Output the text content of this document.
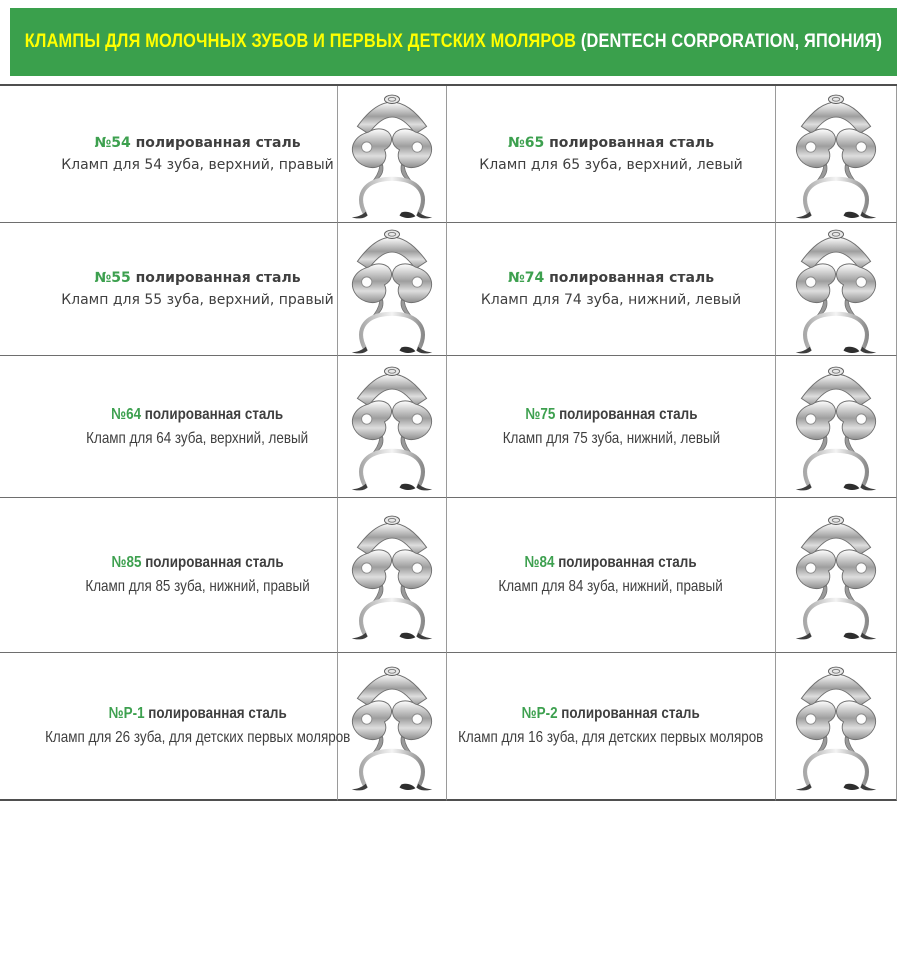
КЛАМПЫ ДЛЯ МОЛОЧНЫХ ЗУБОВ И ПЕРВЫХ ДЕТСКИХ МОЛЯРОВ (DENTECH CORPORATION, ЯПОНИЯ)
№54 полированная сталь
Кламп для 54 зуба, верхний, правый
№65 полированная сталь
Кламп для 65 зуба, верхний, левый
№55 полированная сталь
Кламп для 55 зуба, верхний, правый
№74 полированная сталь
Кламп для 74 зуба, нижний, левый
№64 полированная сталь
Кламп для 64 зуба, верхний, левый
№75 полированная сталь
Кламп для 75 зуба, нижний, левый
№85 полированная сталь
Кламп для 85 зуба, нижний, правый
№84 полированная сталь
Кламп для 84 зуба, нижний, правый
№P-1 полированная сталь
Кламп для 26 зуба, для детских первых моляров
№P-2 полированная сталь
Кламп для 16 зуба, для детских первых моляров
